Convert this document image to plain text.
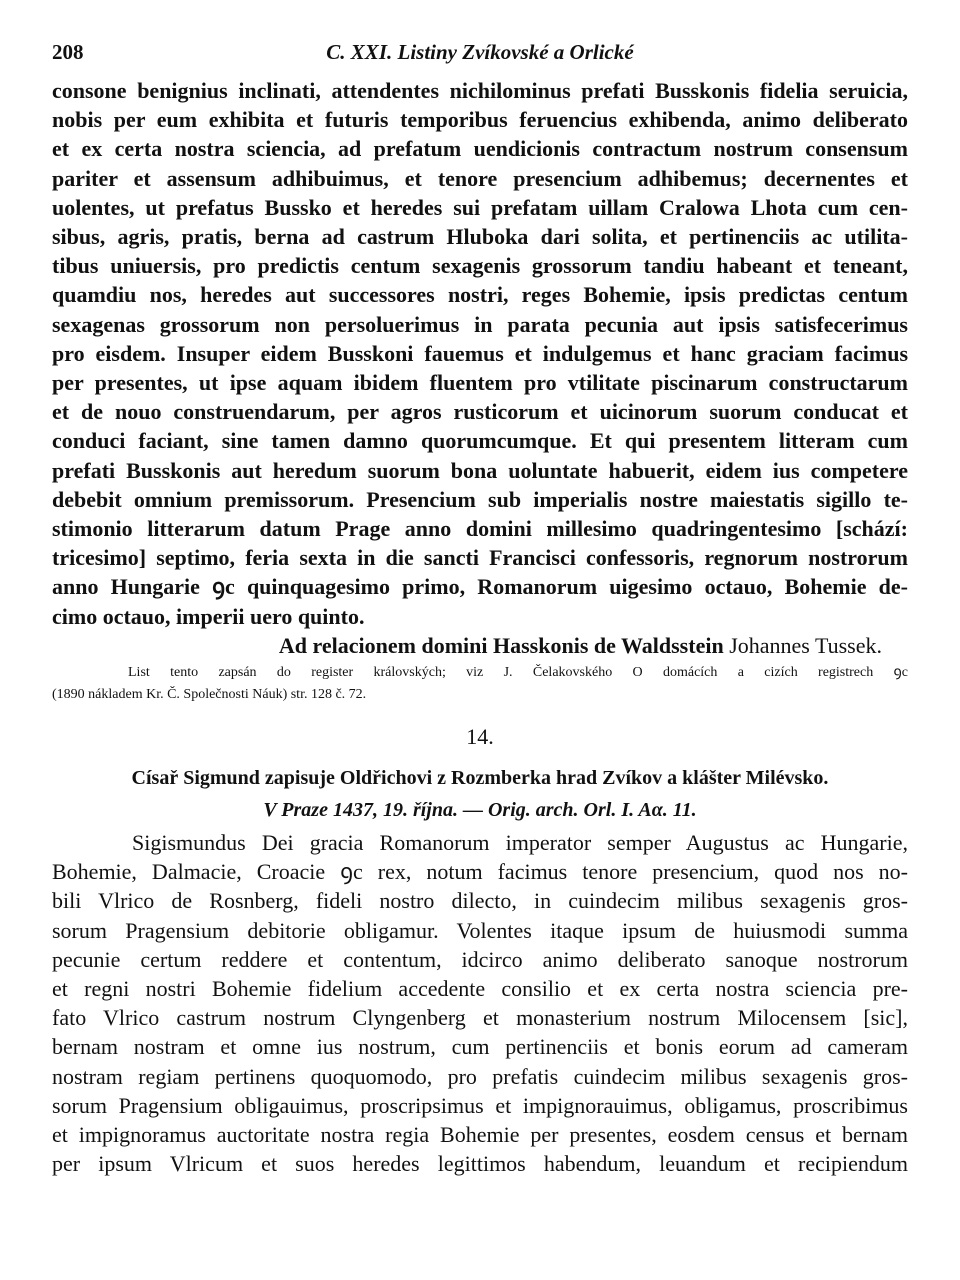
208	C. XXI. Listiny Zvíkovské a Orlické
consone benignius inclinati, attendentes nichilominus prefati Busskonis fidelia seruicia,
nobis per eum exhibita et futuris temporibus feruencius exhibenda, animo deliberato
et ex certa nostra sciencia, ad prefatum uendicionis contractum nostrum consensum
pariter et assensum adhibuimus, et tenore presencium adhibemus; decernentes et
uolentes, ut prefatus Bussko et heredes sui prefatam uillam Cralowa Lhota cum cen-
sibus, agris, pratis, berna ad castrum Hluboka dari solita, et pertinenciis ac utilita-
tibus uniuersis, pro predictis centum sexagenis grossorum tandiu habeant et teneant,
quamdiu nos, heredes aut successores nostri, reges Bohemie, ipsis predictas centum
sexagenas grossorum non persoluerimus in parata pecunia aut ipsis satisfecerimus
pro eisdem. Insuper eidem Busskoni fauemus et indulgemus et hanc graciam facimus
per presentes, ut ipse aquam ibidem fluentem pro vtilitate piscinarum constructarum
et de nouo construendarum, per agros rusticorum et uicinorum suorum conducat et
conduci faciant, sine tamen damno quorumcumque. Et qui presentem litteram cum
prefati Busskonis aut heredum suorum bona uoluntate habuerit, eidem ius competere
debebit omnium premissorum. Presencium sub imperialis nostre maiestatis sigillo te-
stimonio litterarum datum Prage anno domini millesimo quadringentesimo [schází:
tricesimo] septimo, feria sexta in die sancti Francisci confessoris, regnorum nostrorum
anno Hungarie ꝯc quinquagesimo primo, Romanorum uigesimo octauo, Bohemie de-
cimo octauo, imperii uero quinto.
Ad relacionem domini Hasskonis de Waldsstein Johannes Tussek.
List tento zapsán do register královských; viz J. Čelakovského O domácích a cizích registrech ꝯc
(1890 nákladem Kr. Č. Společnosti Náuk) str. 128 č. 72.
14.
Císař Sigmund zapisuje Oldřichovi z Rozmberka hrad Zvíkov a klášter Milévsko.
V Praze 1437, 19. října. — Orig. arch. Orl. I. Aα. 11.
Sigismundus Dei gracia Romanorum imperator semper Augustus ac Hungarie,
Bohemie, Dalmacie, Croacie ꝯc rex, notum facimus tenore presencium, quod nos no-
bili Vlrico de Rosnberg, fideli nostro dilecto, in cuindecim milibus sexagenis gros-
sorum Pragensium debitorie obligamur. Volentes itaque ipsum de huiusmodi summa
pecunie certum reddere et contentum, idcirco animo deliberato sanoque nostrorum
et regni nostri Bohemie fidelium accedente consilio et ex certa nostra sciencia pre-
fato Vlrico castrum nostrum Clyngenberg et monasterium nostrum Milocensem [sic],
bernam nostram et omne ius nostrum, cum pertinenciis et bonis eorum ad cameram
nostram regiam pertinens quoquomodo, pro prefatis cuindecim milibus sexagenis gros-
sorum Pragensium obligauimus, proscripsimus et impignorauimus, obligamus, proscribimus
et impignoramus auctoritate nostra regia Bohemie per presentes, eosdem census et bernam
per ipsum Vlricum et suos heredes legittimos habendum, leuandum et recipiendum
